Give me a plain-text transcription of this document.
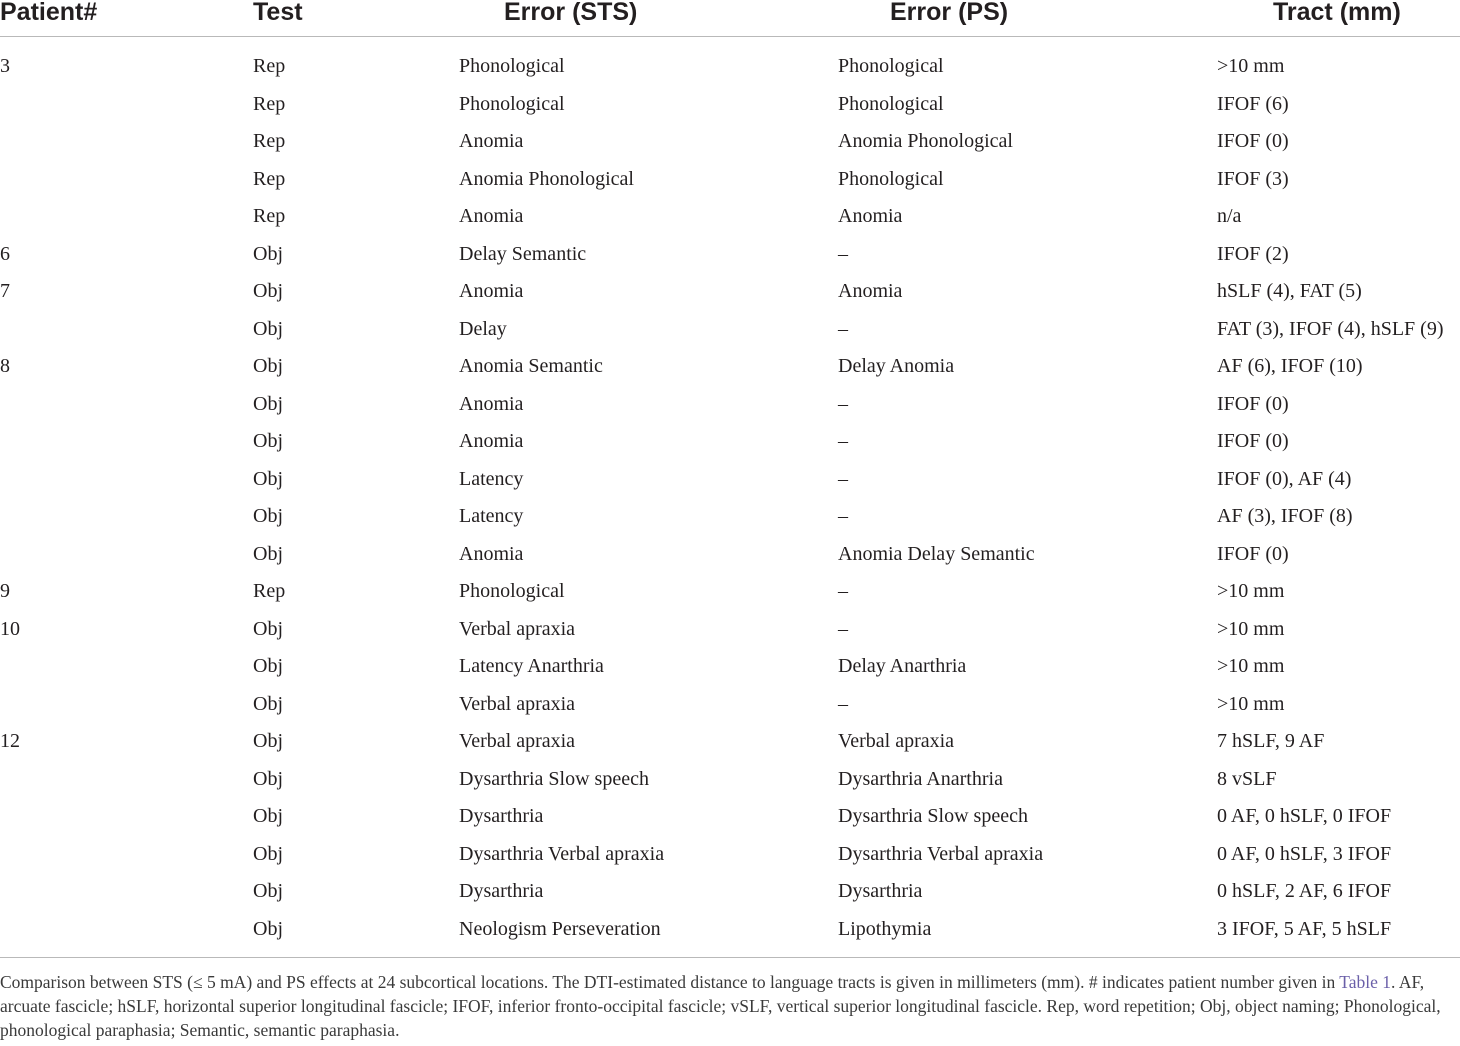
Patient#	Test	Error (STS)	Error (PS)	Tract (mm)
3	Rep	Phonological	Phonological	>10 mm
	Rep	Phonological	Phonological	IFOF (6)
	Rep	Anomia	Anomia Phonological	IFOF (0)
	Rep	Anomia Phonological	Phonological	IFOF (3)
	Rep	Anomia	Anomia	n/a
6	Obj	Delay Semantic	–	IFOF (2)
7	Obj	Anomia	Anomia	hSLF (4), FAT (5)
	Obj	Delay	–	FAT (3), IFOF (4), hSLF (9)
8	Obj	Anomia Semantic	Delay Anomia	AF (6), IFOF (10)
	Obj	Anomia	–	IFOF (0)
	Obj	Anomia	–	IFOF (0)
	Obj	Latency	–	IFOF (0), AF (4)
	Obj	Latency	–	AF (3), IFOF (8)
	Obj	Anomia	Anomia Delay Semantic	IFOF (0)
9	Rep	Phonological	–	>10 mm
10	Obj	Verbal apraxia	–	>10 mm
	Obj	Latency Anarthria	Delay Anarthria	>10 mm
	Obj	Verbal apraxia	–	>10 mm
12	Obj	Verbal apraxia	Verbal apraxia	7 hSLF, 9 AF
	Obj	Dysarthria Slow speech	Dysarthria Anarthria	8 vSLF
	Obj	Dysarthria	Dysarthria Slow speech	0 AF, 0 hSLF, 0 IFOF
	Obj	Dysarthria Verbal apraxia	Dysarthria Verbal apraxia	0 AF, 0 hSLF, 3 IFOF
	Obj	Dysarthria	Dysarthria	0 hSLF, 2 AF, 6 IFOF
	Obj	Neologism Perseveration	Lipothymia	3 IFOF, 5 AF, 5 hSLF
Comparison between STS (≤ 5 mA) and PS effects at 24 subcortical locations. The DTI-estimated distance to language tracts is given in millimeters (mm). # indicates patient number given in Table 1. AF, arcuate fascicle; hSLF, horizontal superior longitudinal fascicle; IFOF, inferior fronto-occipital fascicle; vSLF, vertical superior longitudinal fascicle. Rep, word repetition; Obj, object naming; Phonological, phonological paraphasia; Semantic, semantic paraphasia.
